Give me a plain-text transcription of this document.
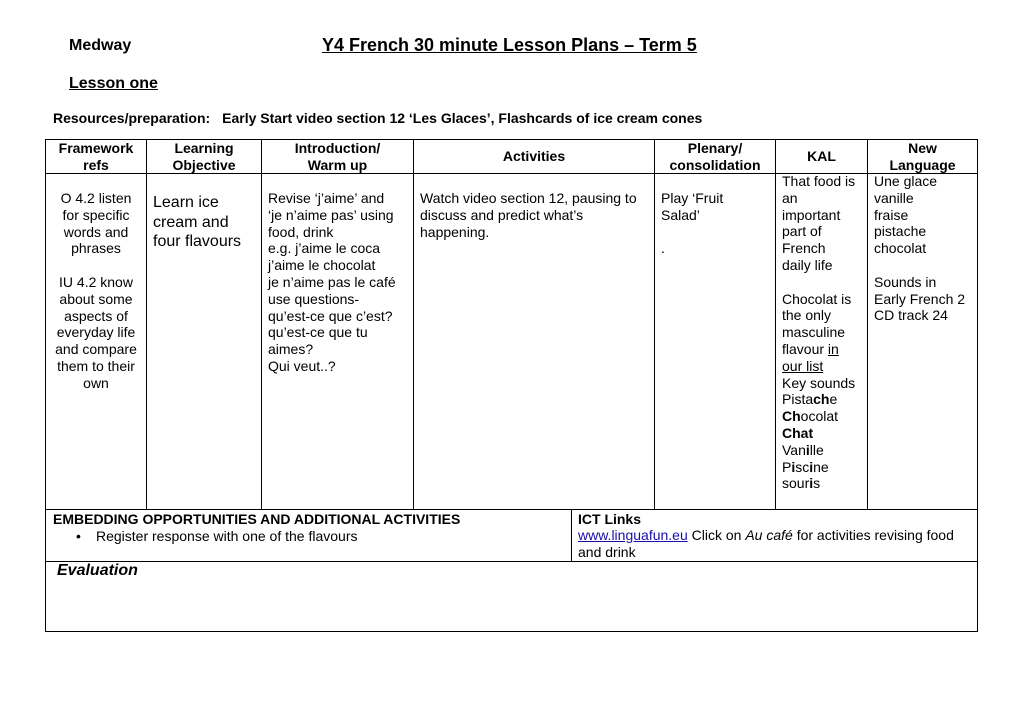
Medway	Y4 French 30 minute Lesson Plans – Term 5
Lesson one
Resources/preparation: Early Start video section 12 ‘Les Glaces’, Flashcards of ice cream cones
Framework
refs
Learning
Objective
Introduction/
Warm up
Activities
Plenary/
consolidation
KAL
New
Language
O 4.2 listen
for specific
words and
phrases
IU 4.2 know
about some
aspects of
everyday life
and compare
them to their
own
Learn ice
cream and
four flavours
Revise ‘j’aime’ and
‘je n’aime pas’ using
food, drink
e.g. j’aime le coca
j’aime le chocolat
je n’aime pas le café
use questions-
qu’est-ce que c’est?
qu’est-ce que tu
aimes?
Qui veut..?
Watch video section 12, pausing to
discuss and predict what’s
happening.
Play ‘Fruit
Salad’
.
That food is
an
important
part of
French
daily life
Chocolat is
the only
masculine
flavour in
our list
Key sounds
Pistache
Chocolat
Chat
Vanille
Piscine
souris
Une glace
vanille
fraise
pistache
chocolat
Sounds in
Early French 2
CD track 24
EMBEDDING OPPORTUNITIES AND ADDITIONAL ACTIVITIES
• Register response with one of the flavours
ICT Links
www.linguafun.eu Click on Au café for activities revising food
and drink
Evaluation
